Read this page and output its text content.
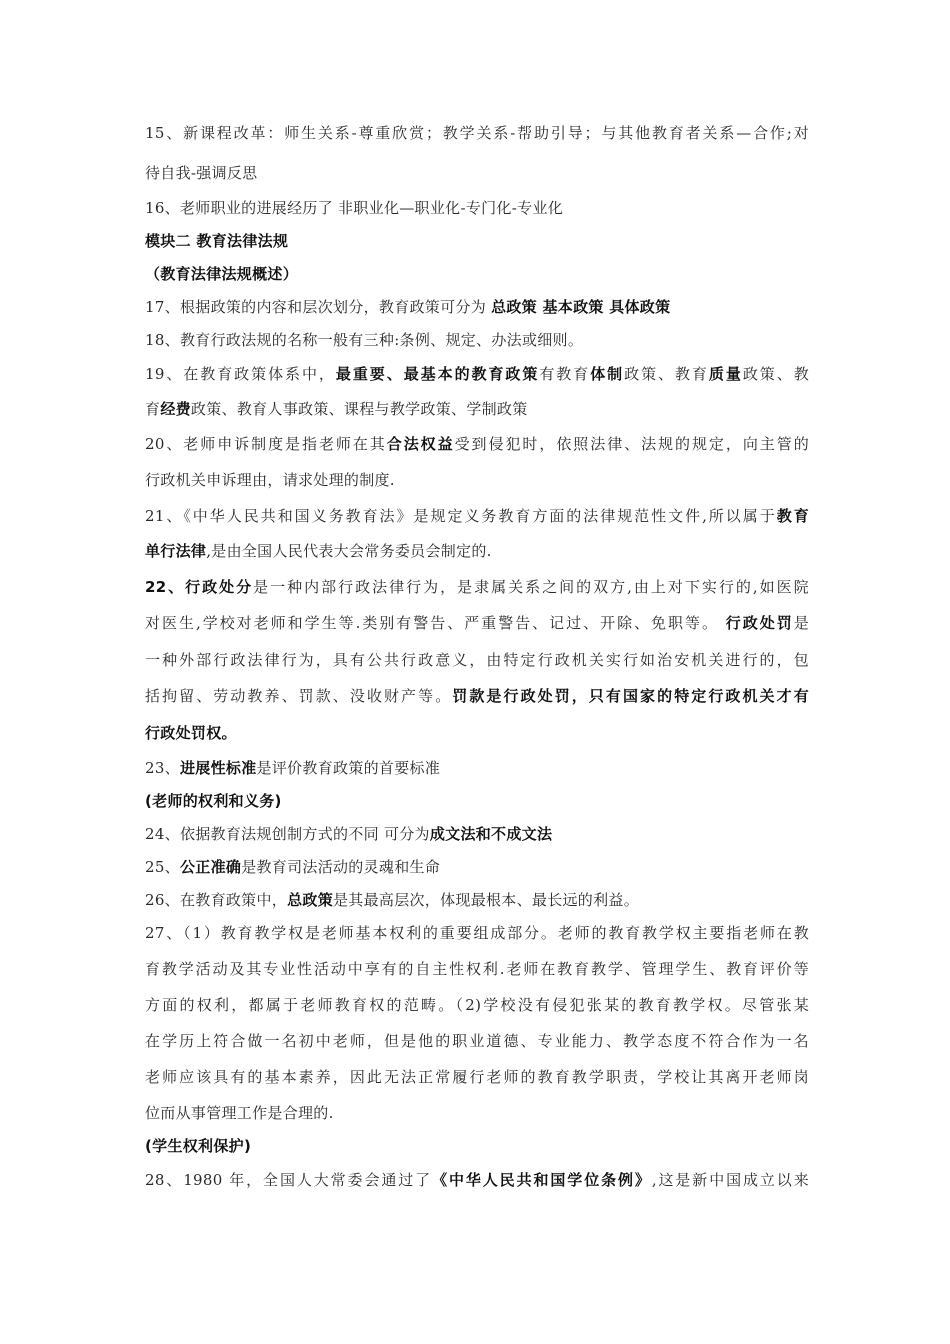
15、新课程改革：师生关系-尊重欣赏；教学关系-帮助引导；与其他教育者关系—合作;对
待自我-强调反思
16、老师职业的进展经历了 非职业化—职业化-专门化-专业化
模块二 教育法律法规
（教育法律法规概述）
17、根据政策的内容和层次划分，教育政策可分为 总政策 基本政策 具体政策
18、教育行政法规的名称一般有三种:条例、规定、办法或细则。
19、在教育政策体系中，最重要、最基本的教育政策有教育体制政策、教育质量政策、教
育经费政策、教育人事政策、课程与教学政策、学制政策
20、老师申诉制度是指老师在其合法权益受到侵犯时，依照法律、法规的规定，向主管的
行政机关申诉理由，请求处理的制度.
21、《中华人民共和国义务教育法》是规定义务教育方面的法律规范性文件,所以属于教育
单行法律,是由全国人民代表大会常务委员会制定的.
22、行政处分是一种内部行政法律行为，是隶属关系之间的双方,由上对下实行的,如医院
对医生,学校对老师和学生等.类别有警告、严重警告、记过、开除、免职等。 行政处罚是
一种外部行政法律行为，具有公共行政意义，由特定行政机关实行如治安机关进行的，包
括拘留、劳动教养、罚款、没收财产等。罚款是行政处罚，只有国家的特定行政机关才有
行政处罚权。
23、进展性标准是评价教育政策的首要标准
(老师的权利和义务)
24、依据教育法规创制方式的不同 可分为成文法和不成文法
25、公正准确是教育司法活动的灵魂和生命
26、在教育政策中，总政策是其最高层次，体现最根本、最长远的利益。
27、（1）教育教学权是老师基本权利的重要组成部分。老师的教育教学权主要指老师在教
育教学活动及其专业性活动中享有的自主性权利.老师在教育教学、管理学生、教育评价等
方面的权利，都属于老师教育权的范畴。（2)学校没有侵犯张某的教育教学权。尽管张某
在学历上符合做一名初中老师，但是他的职业道德、专业能力、教学态度不符合作为一名
老师应该具有的基本素养，因此无法正常履行老师的教育教学职责，学校让其离开老师岗
位而从事管理工作是合理的.
(学生权利保护)
28、1980 年，全国人大常委会通过了《中华人民共和国学位条例》,这是新中国成立以来
